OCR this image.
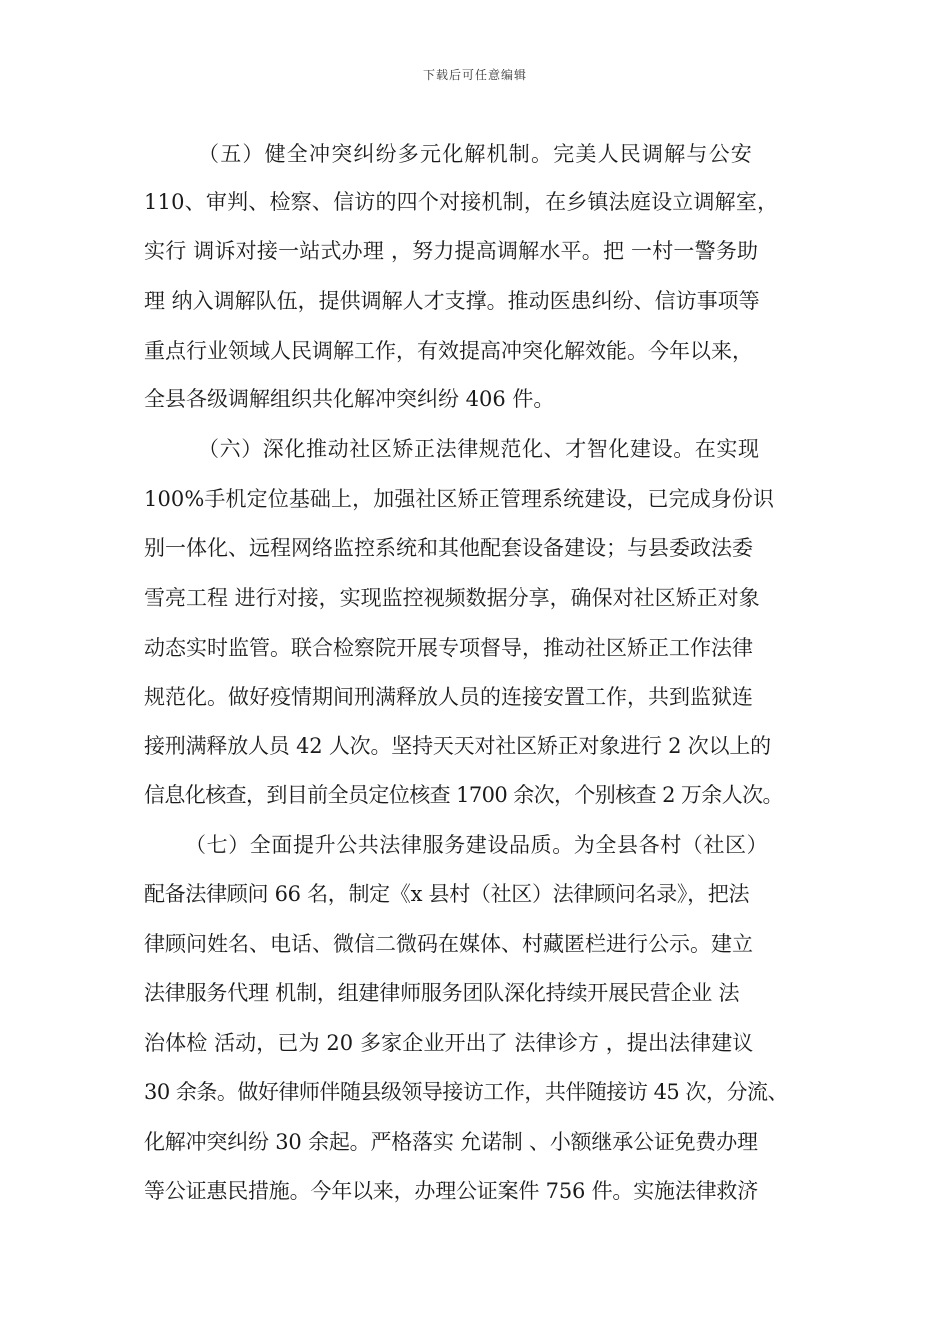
下载后可任意编辑
（五）健全冲突纠纷多元化解机制。完美人民调解与公安
110、审判、检察、信访的四个对接机制，在乡镇法庭设立调解室，
实行 调诉对接一站式办理 ，努力提高调解水平。把 一村一警务助
理 纳入调解队伍，提供调解人才支撑。推动医患纠纷、信访事项等
重点行业领域人民调解工作，有效提高冲突化解效能。今年以来，
全县各级调解组织共化解冲突纠纷 406 件。
（六）深化推动社区矫正法律规范化、才智化建设。在实现
100%手机定位基础上，加强社区矫正管理系统建设，已完成身份识
别一体化、远程网络监控系统和其他配套设备建设；与县委政法委
雪亮工程 进行对接，实现监控视频数据分享，确保对社区矫正对象
动态实时监管。联合检察院开展专项督导，推动社区矫正工作法律
规范化。做好疫情期间刑满释放人员的连接安置工作，共到监狱连
接刑满释放人员 42 人次。坚持天天对社区矫正对象进行 2 次以上的
信息化核查，到目前全员定位核查 1700 余次，个别核查 2 万余人次。
（七）全面提升公共法律服务建设品质。为全县各村（社区）
配备法律顾问 66 名，制定《x 县村（社区）法律顾问名录》，把法
律顾问姓名、电话、微信二微码在媒体、村藏匿栏进行公示。建立
法律服务代理 机制，组建律师服务团队深化持续开展民营企业 法
治体检 活动，已为 20 多家企业开出了 法律诊方 ，提出法律建议
30 余条。做好律师伴随县级领导接访工作，共伴随接访 45 次，分流、
化解冲突纠纷 30 余起。严格落实 允诺制 、小额继承公证免费办理
等公证惠民措施。今年以来，办理公证案件 756 件。实施法律救济
